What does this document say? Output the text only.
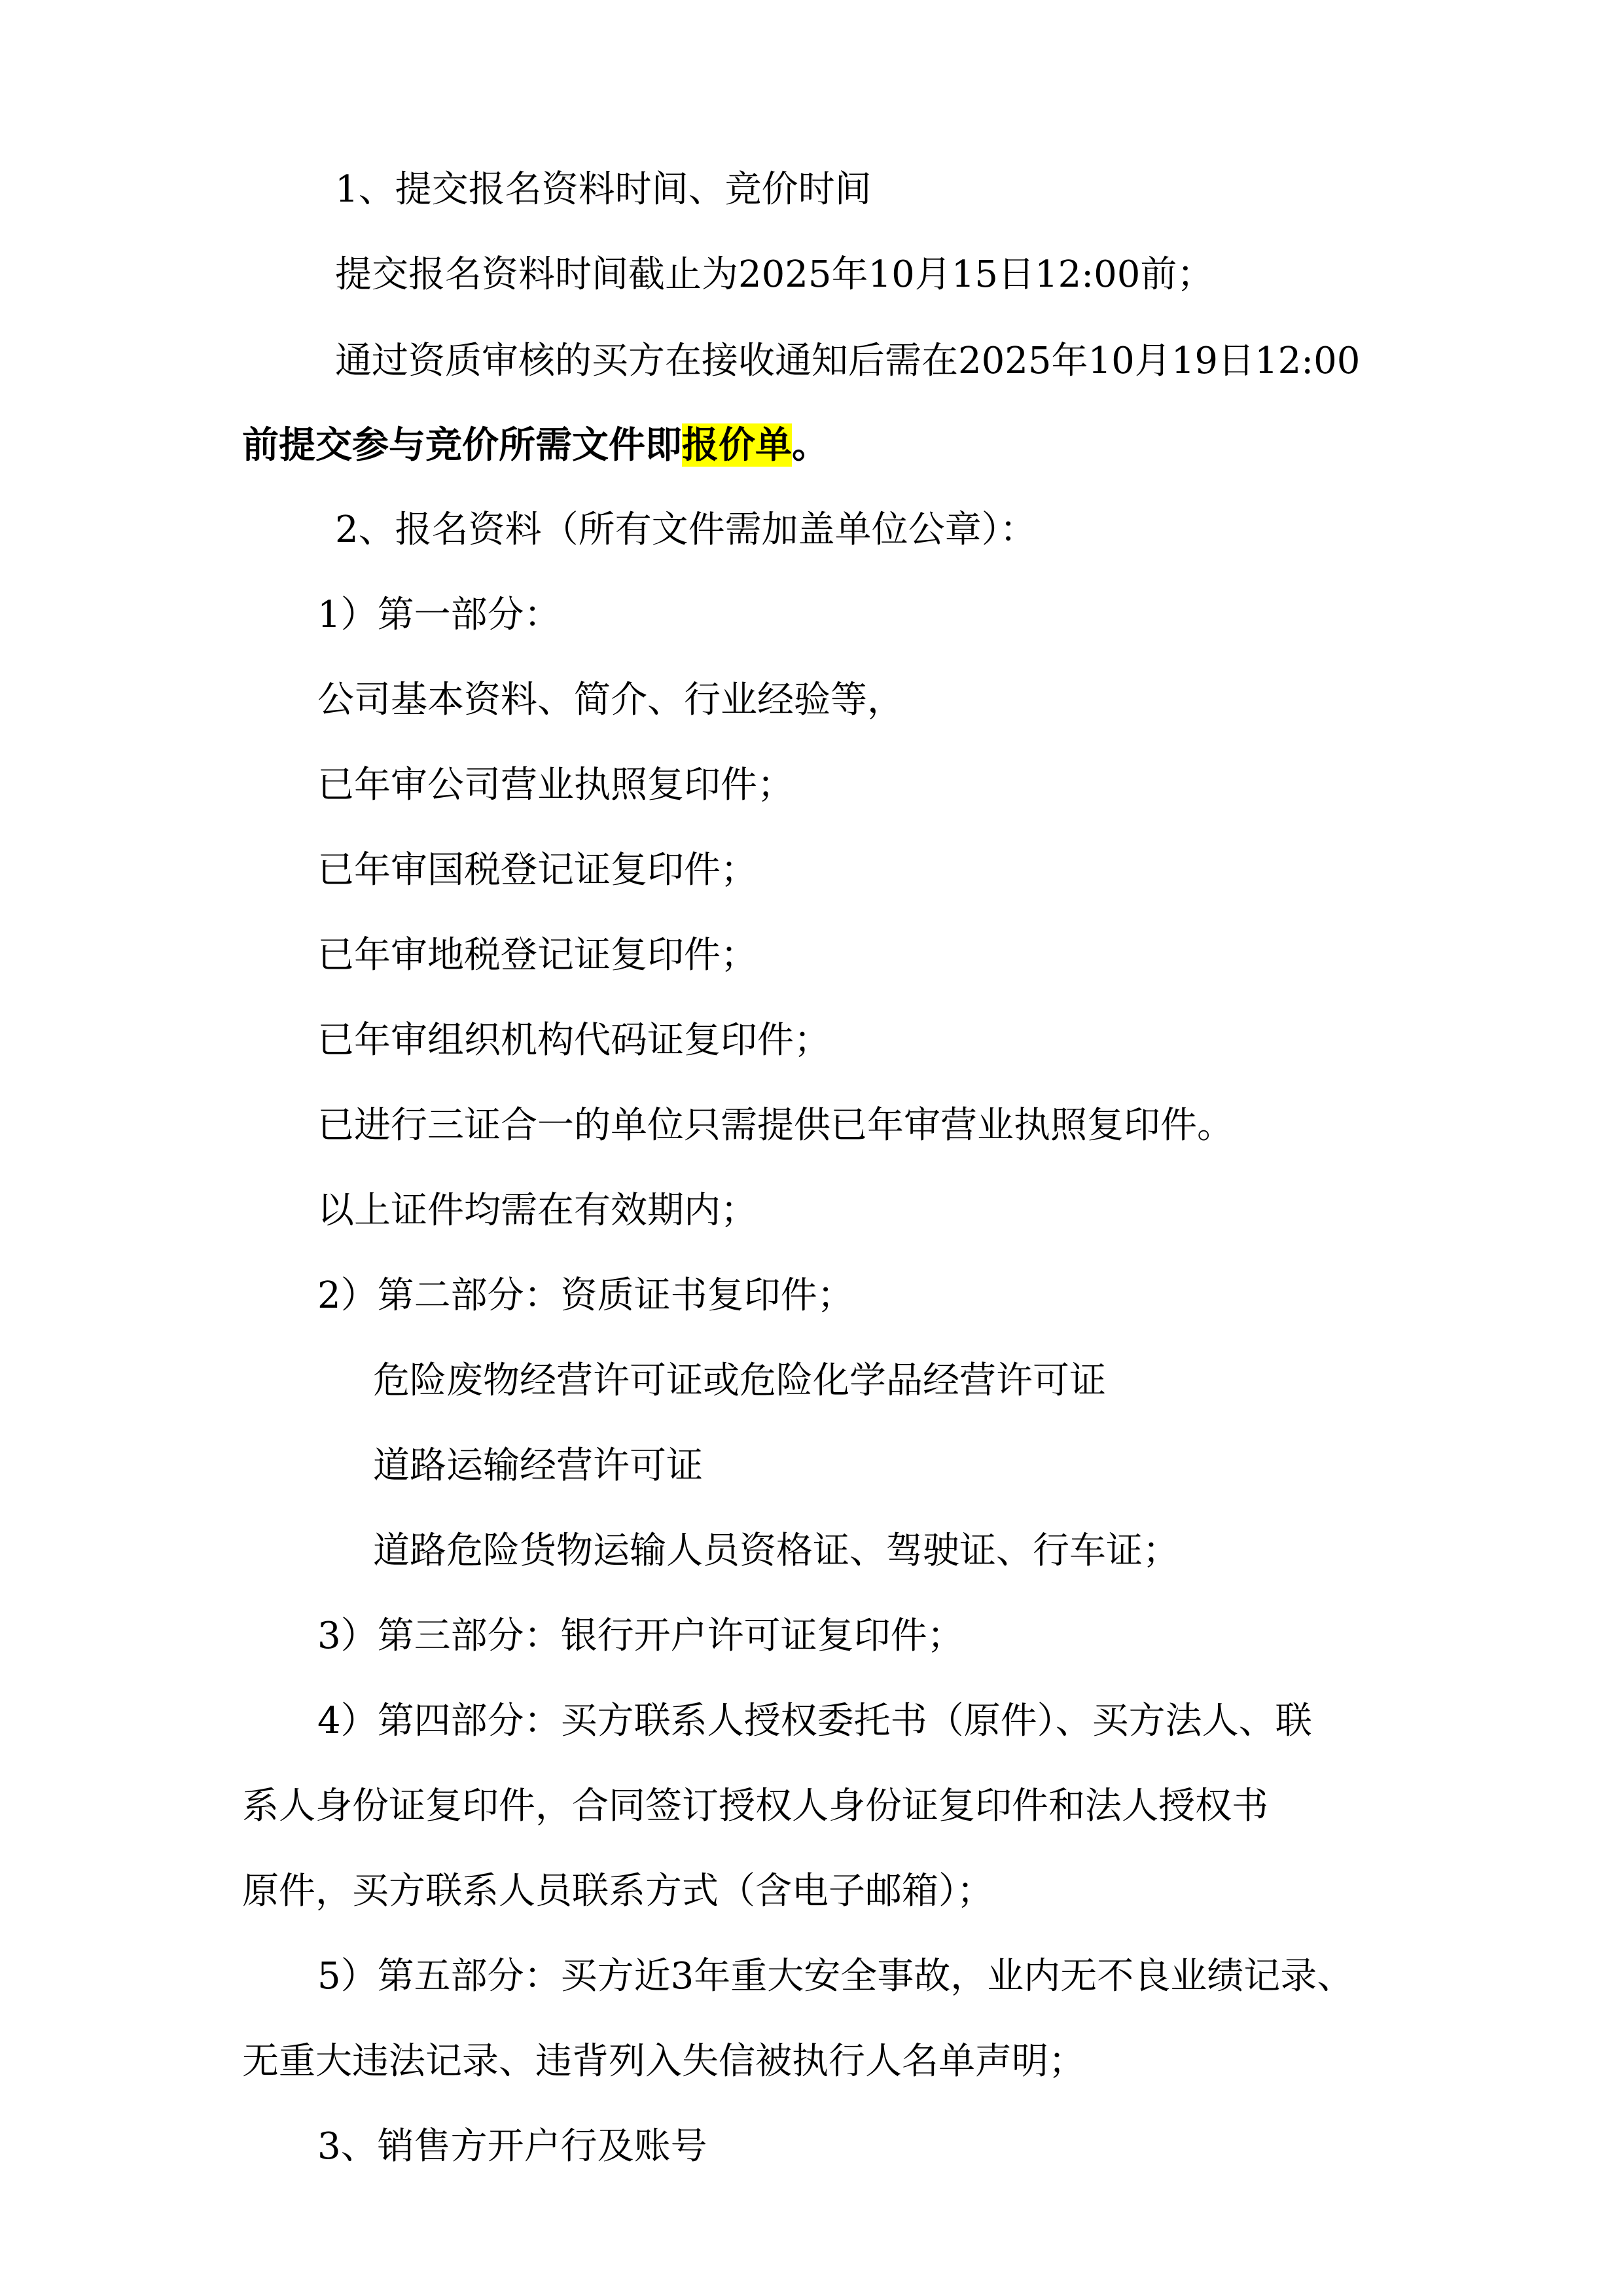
1、提交报名资料时间、竞价时间
提交报名资料时间截止为2025年10月15日12:00前；
通过资质审核的买方在接收通知后需在2025年10月19日12:00
前提交参与竞价所需文件即报价单。
2、报名资料（所有文件需加盖单位公章）：
1）第一部分：
公司基本资料、简介、行业经验等，
已年审公司营业执照复印件；
已年审国税登记证复印件；
已年审地税登记证复印件；
已年审组织机构代码证复印件；
已进行三证合一的单位只需提供已年审营业执照复印件。
以上证件均需在有效期内；
2）第二部分：资质证书复印件；
危险废物经营许可证或危险化学品经营许可证
道路运输经营许可证
道路危险货物运输人员资格证、驾驶证、行车证；
3）第三部分：银行开户许可证复印件；
4）第四部分：买方联系人授权委托书（原件）、买方法人、联
系人身份证复印件，合同签订授权人身份证复印件和法人授权书
原件，买方联系人员联系方式（含电子邮箱）；
5）第五部分：买方近3年重大安全事故，业内无不良业绩记录、
无重大违法记录、违背列入失信被执行人名单声明；
3、销售方开户行及账号
